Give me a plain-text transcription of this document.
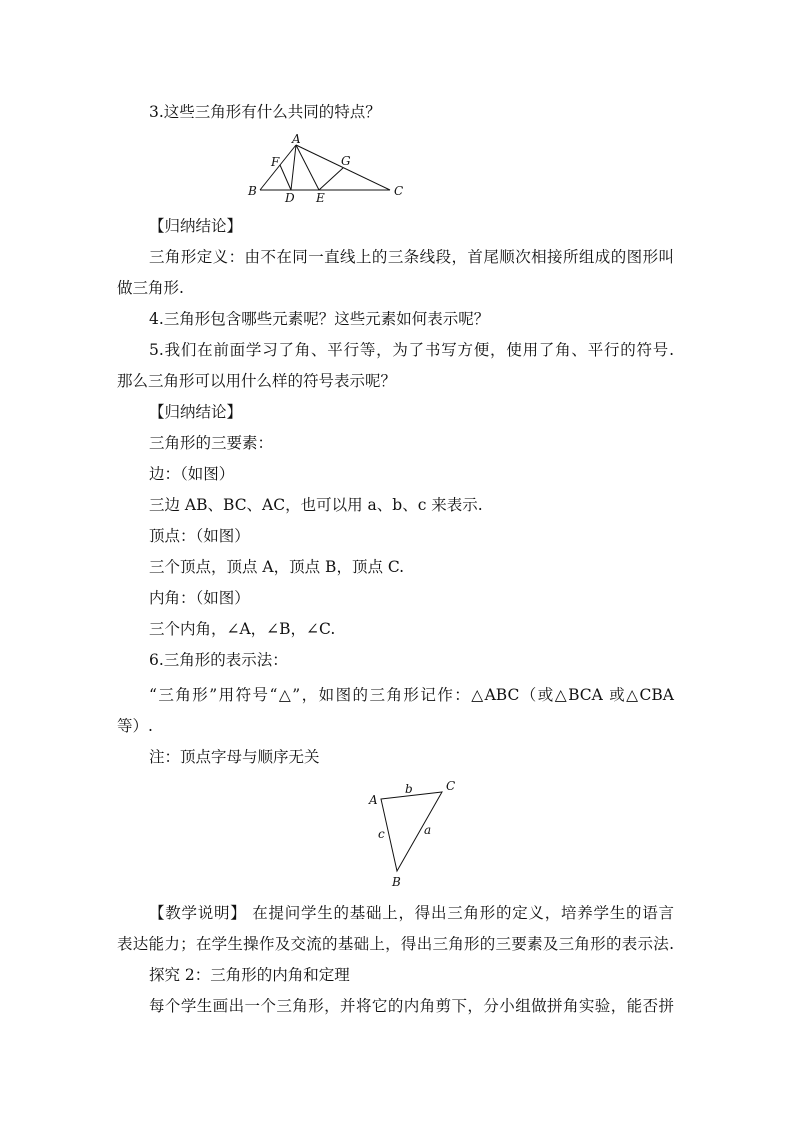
3.这些三角形有什么共同的特点？
A
F	G
B D E	C
【归纳结论】
三角形定义：由不在同一直线上的三条线段，首尾顺次相接所组成的图形叫
做三角形.
4.三角形包含哪些元素呢？这些元素如何表示呢？
5.我们在前面学习了角、平行等，为了书写方便，使用了角、平行的符号.
那么三角形可以用什么样的符号表示呢？
【归纳结论】
三角形的三要素：
边：（如图）
三边 AB、BC、AC，也可以用 a、b、c 来表示.
顶点：（如图）
三个顶点，顶点 A，顶点 B，顶点 C.
内角：（如图）
三个内角，∠A，∠B，∠C.
6.三角形的表示法：
“三角形”用符号“△”，如图的三角形记作：△ABC（或△BCA 或△CBA
等）.
注：顶点字母与顺序无关
A
C
B
b
c	a
【教学说明】 在提问学生的基础上，得出三角形的定义，培养学生的语言
表达能力；在学生操作及交流的基础上，得出三角形的三要素及三角形的表示法.
探究 2：三角形的内角和定理
每个学生画出一个三角形，并将它的内角剪下，分小组做拼角实验，能否拼
